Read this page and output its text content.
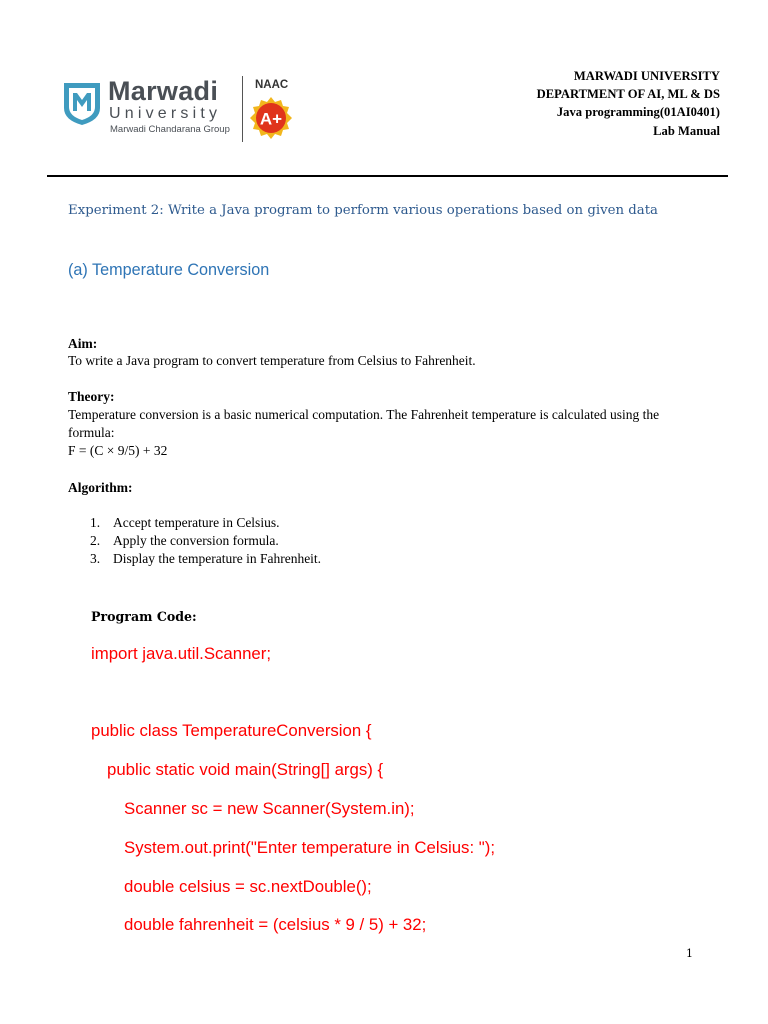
Marwadi
University
Marwadi Chandarana Group
NAAC
A+
MARWADI UNIVERSITY
DEPARTMENT OF AI, ML & DS
Java programming(01AI0401)
Lab Manual
Experiment 2: Write a Java program to perform various operations based on given data
(a) Temperature Conversion
Aim:
To write a Java program to convert temperature from Celsius to Fahrenheit.
Theory:
Temperature conversion is a basic numerical computation. The Fahrenheit temperature is calculated using the
formula:
F = (C × 9/5) + 32
Algorithm:
1. Accept temperature in Celsius.
2. Apply the conversion formula.
3. Display the temperature in Fahrenheit.
Program Code:
import java.util.Scanner;
public class TemperatureConversion {
public static void main(String[] args) {
Scanner sc = new Scanner(System.in);
System.out.print("Enter temperature in Celsius: ");
double celsius = sc.nextDouble();
double fahrenheit = (celsius * 9 / 5) + 32;
1
